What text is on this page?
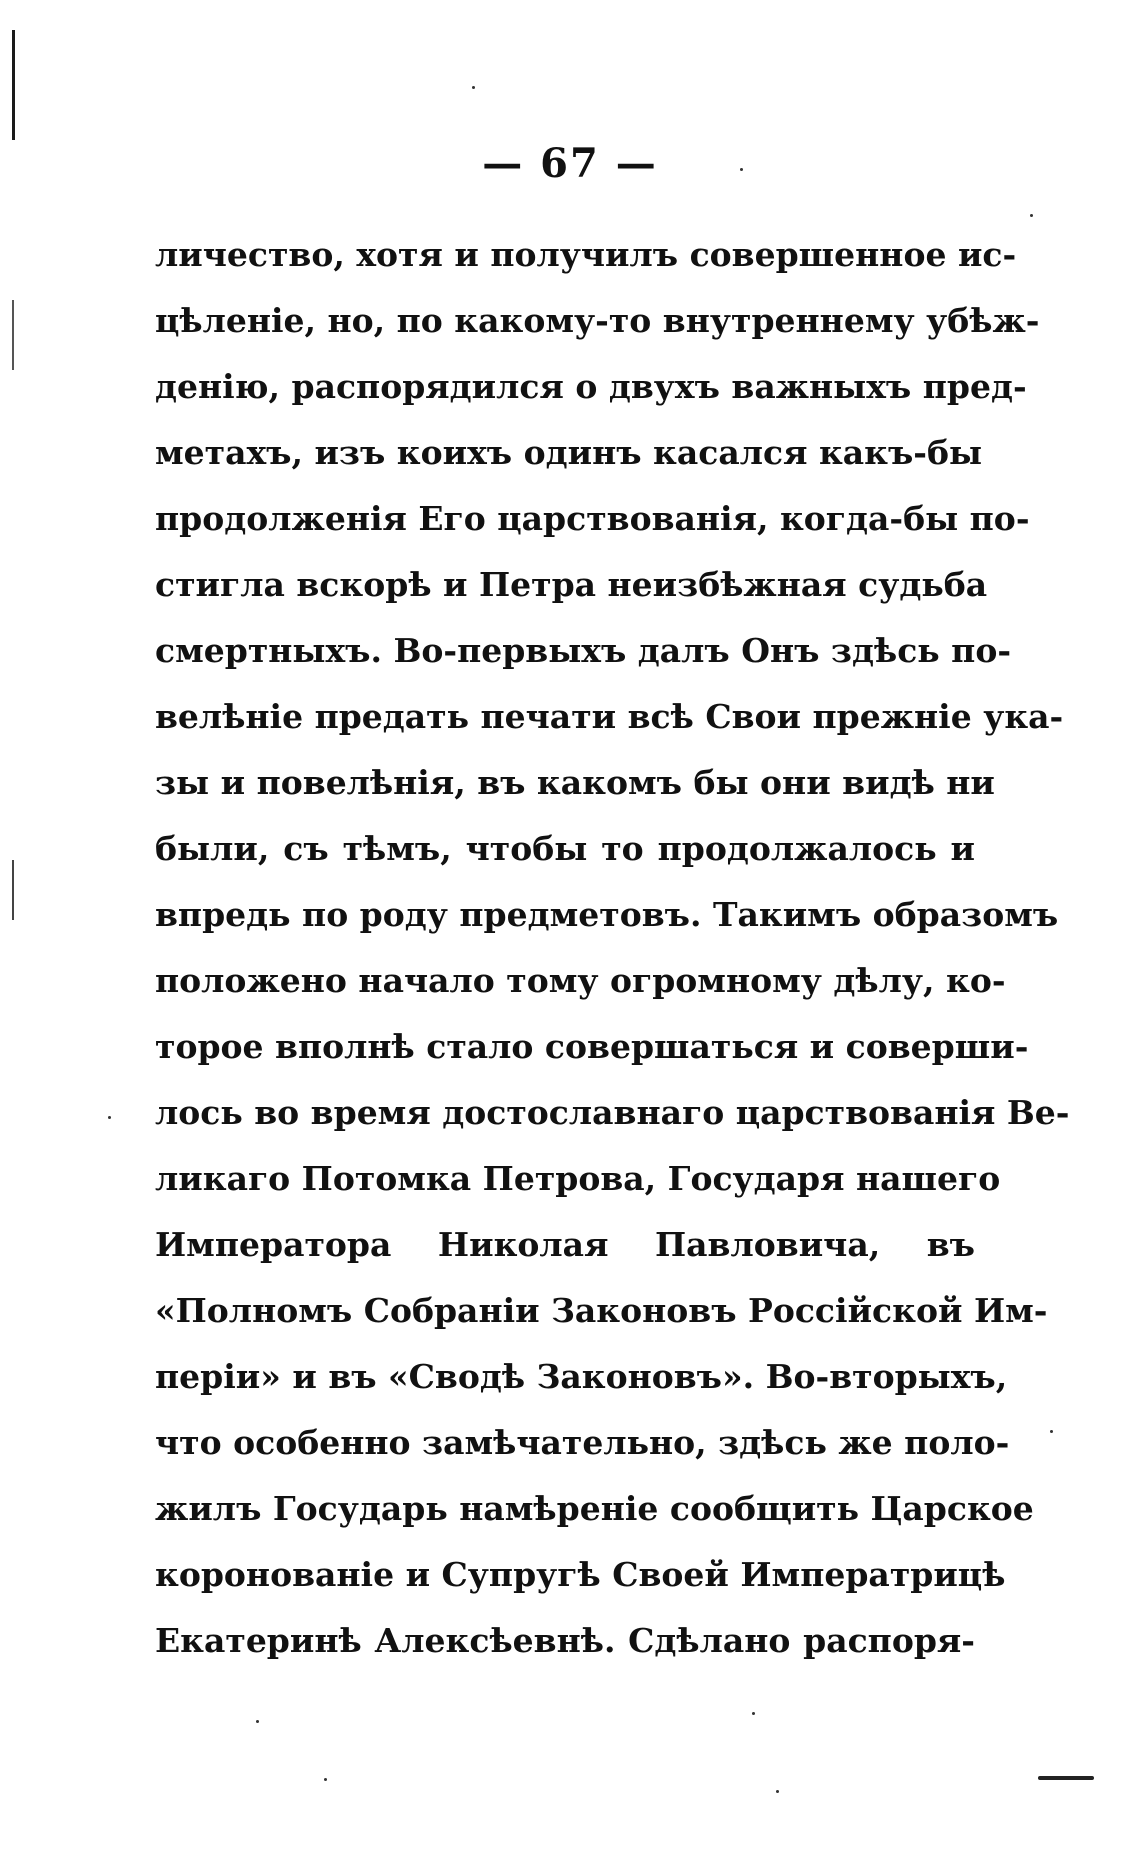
— 67 —
личество, хотя и получилъ совершенное ис-
цѣленіе, но, по какому-то внутреннему убѣж-
денію, распорядился о двухъ важныхъ пред-
метахъ, изъ коихъ одинъ касался какъ-бы
продолженія Его царствованія, когда-бы по-
стигла вскорѣ и Петра неизбѣжная судьба
смертныхъ. Во-первыхъ далъ Онъ здѣсь по-
велѣніе предать печати всѣ Свои прежніе ука-
зы и повелѣнія, въ какомъ бы они видѣ ни
были, съ тѣмъ, чтобы то продолжалось и
впредь по роду предметовъ. Такимъ образомъ
положено начало тому огромному дѣлу, ко-
торое вполнѣ стало совершаться и соверши-
лось во время достославнаго царствованія Ве-
ликаго Потомка Петрова, Государя нашего
Императора Николая Павловича, въ
«Полномъ Собраніи Законовъ Россійской Им-
періи» и въ «Сводѣ Законовъ». Во-вторыхъ,
что особенно замѣчательно, здѣсь же поло-
жилъ Государь намѣреніе сообщить Царское
коронованіе и Супругѣ Своей Императрицѣ
Екатеринѣ Алексѣевнѣ. Сдѣлано распоря-
